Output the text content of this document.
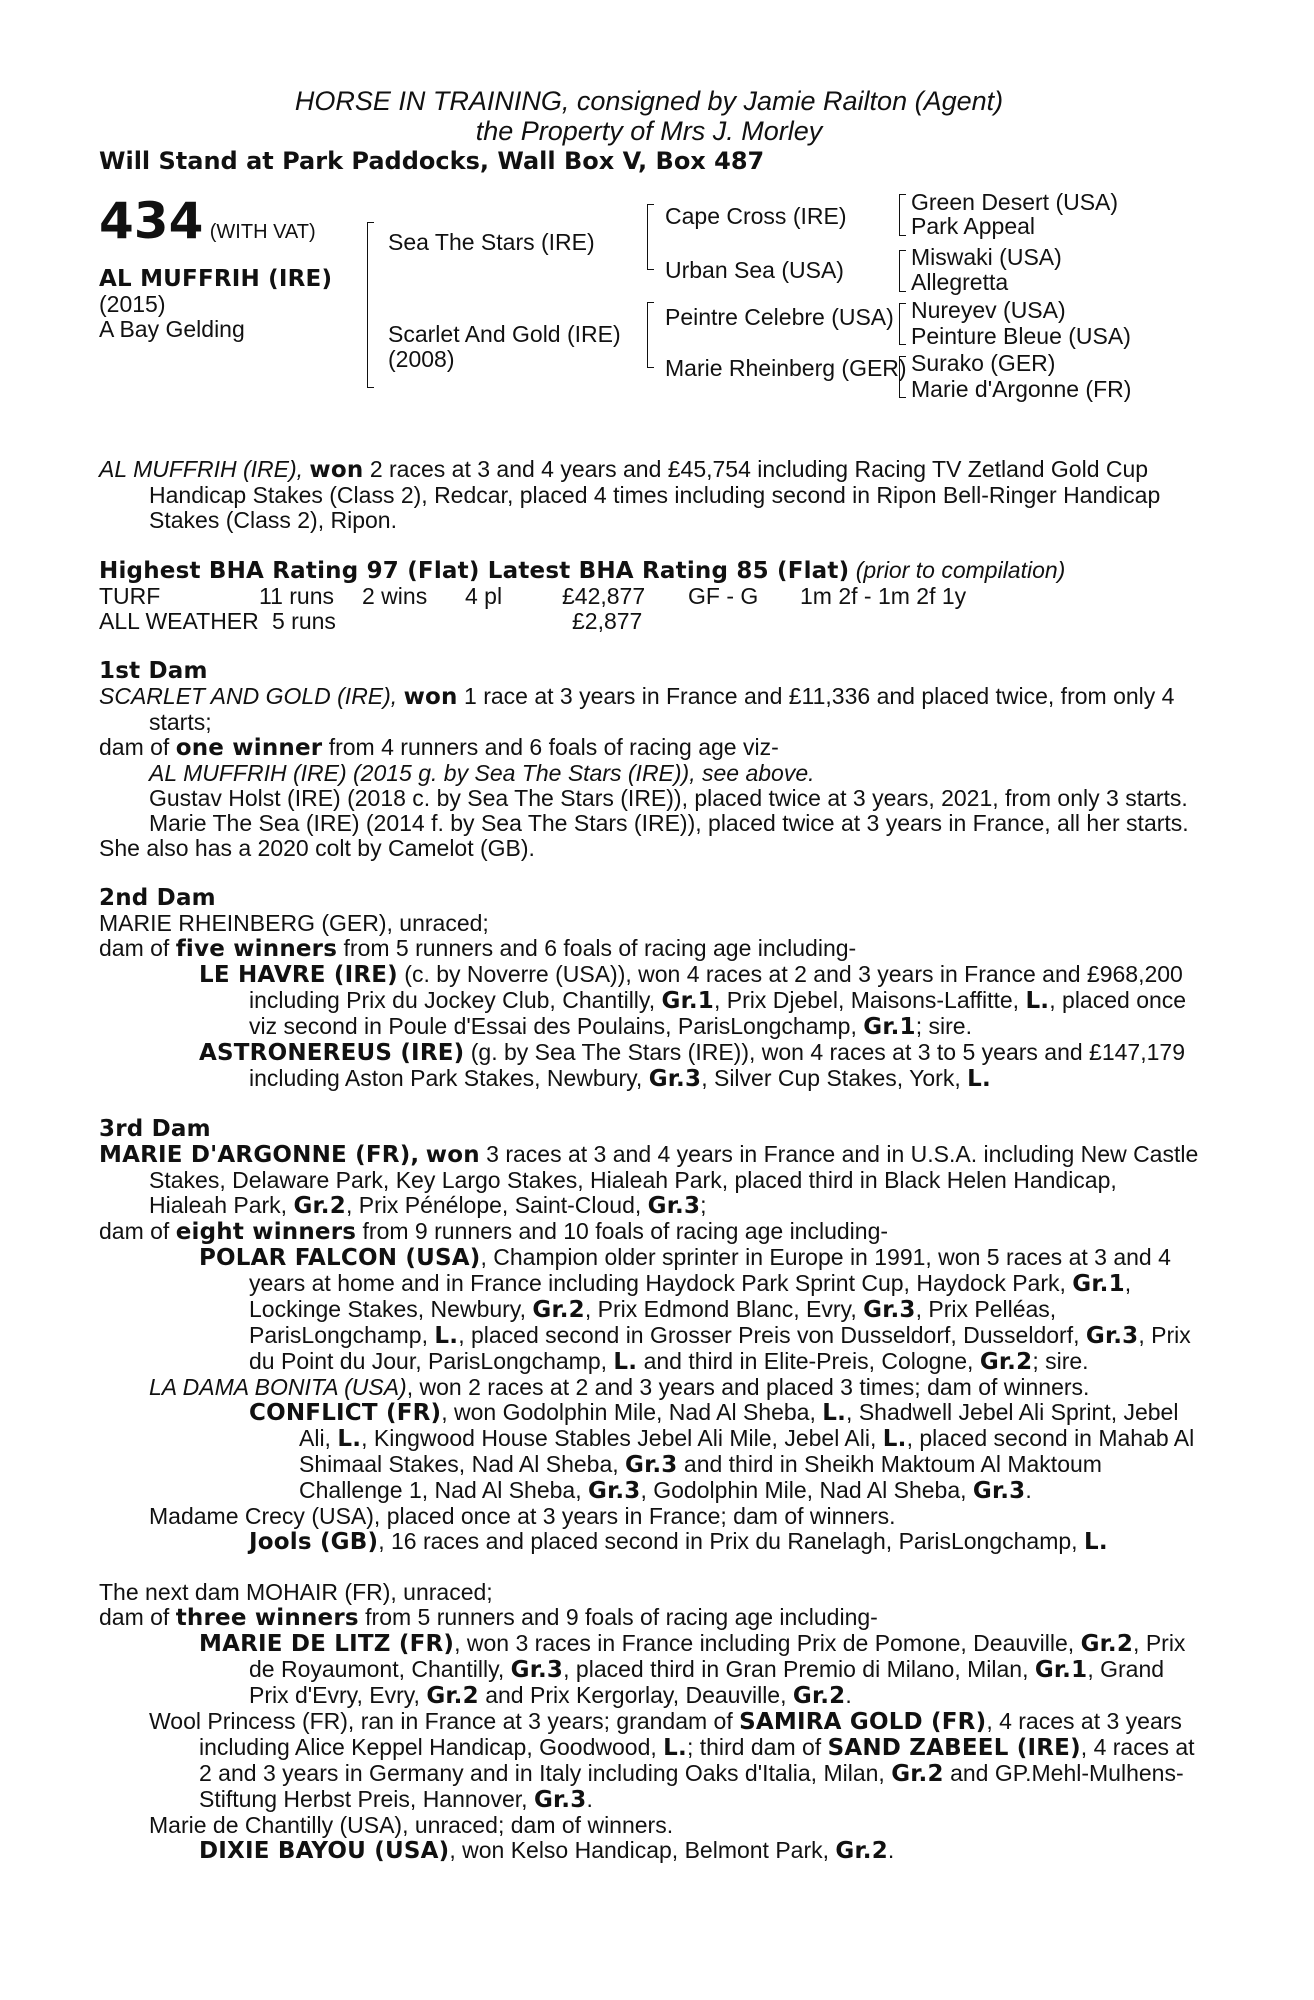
HORSE IN TRAINING, consigned by Jamie Railton (Agent)
the Property of Mrs J. Morley
Will Stand at Park Paddocks, Wall Box V, Box 487
434 (WITH VAT)
AL MUFFRIH (IRE)
(2015)
A Bay Gelding
Sea The Stars (IRE)
Scarlet And Gold (IRE)
(2008)
Cape Cross (IRE)
Urban Sea (USA)
Peintre Celebre (USA)
Marie Rheinberg (GER)
Green Desert (USA)
Park Appeal
Miswaki (USA)
Allegretta
Nureyev (USA)
Peinture Bleue (USA)
Surako (GER)
Marie d'Argonne (FR)

AL MUFFRIH (IRE), won 2 races at 3 and 4 years and £45,754 including Racing TV Zetland Gold Cup Handicap Stakes (Class 2), Redcar, placed 4 times including second in Ripon Bell-Ringer Handicap Stakes (Class 2), Ripon.

Highest BHA Rating 97 (Flat) Latest BHA Rating 85 (Flat) (prior to compilation)

TURF	11 runs	2 wins	4 pl	£42,877	GF - G	1m 2f - 1m 2f 1y
ALL WEATHER	5 runs			£2,877		

1st Dam

SCARLET AND GOLD (IRE), won 1 race at 3 years in France and £11,336 and placed twice, from only 4 starts;

dam of one winner from 4 runners and 6 foals of racing age viz-

AL MUFFRIH (IRE) (2015 g. by Sea The Stars (IRE)), see above.

Gustav Holst (IRE) (2018 c. by Sea The Stars (IRE)), placed twice at 3 years, 2021, from only 3 starts.

Marie The Sea (IRE) (2014 f. by Sea The Stars (IRE)), placed twice at 3 years in France, all her starts.

She also has a 2020 colt by Camelot (GB).

2nd Dam

MARIE RHEINBERG (GER), unraced;

dam of five winners from 5 runners and 6 foals of racing age including-

LE HAVRE (IRE) (c. by Noverre (USA)), won 4 races at 2 and 3 years in France and £968,200 including Prix du Jockey Club, Chantilly, Gr.1, Prix Djebel, Maisons-Laffitte, L., placed once viz second in Poule d'Essai des Poulains, ParisLongchamp, Gr.1; sire.

ASTRONEREUS (IRE) (g. by Sea The Stars (IRE)), won 4 races at 3 to 5 years and £147,179 including Aston Park Stakes, Newbury, Gr.3, Silver Cup Stakes, York, L.

3rd Dam

MARIE D'ARGONNE (FR), won 3 races at 3 and 4 years in France and in U.S.A. including New Castle Stakes, Delaware Park, Key Largo Stakes, Hialeah Park, placed third in Black Helen Handicap, Hialeah Park, Gr.2, Prix Pénélope, Saint-Cloud, Gr.3;

dam of eight winners from 9 runners and 10 foals of racing age including-

POLAR FALCON (USA), Champion older sprinter in Europe in 1991, won 5 races at 3 and 4 years at home and in France including Haydock Park Sprint Cup, Haydock Park, Gr.1, Lockinge Stakes, Newbury, Gr.2, Prix Edmond Blanc, Evry, Gr.3, Prix Pelléas, ParisLongchamp, L., placed second in Grosser Preis von Dusseldorf, Dusseldorf, Gr.3, Prix du Point du Jour, ParisLongchamp, L. and third in Elite-Preis, Cologne, Gr.2; sire.

LA DAMA BONITA (USA), won 2 races at 2 and 3 years and placed 3 times; dam of winners.

CONFLICT (FR), won Godolphin Mile, Nad Al Sheba, L., Shadwell Jebel Ali Sprint, Jebel Ali, L., Kingwood House Stables Jebel Ali Mile, Jebel Ali, L., placed second in Mahab Al Shimaal Stakes, Nad Al Sheba, Gr.3 and third in Sheikh Maktoum Al Maktoum Challenge 1, Nad Al Sheba, Gr.3, Godolphin Mile, Nad Al Sheba, Gr.3.

Madame Crecy (USA), placed once at 3 years in France; dam of winners.

Jools (GB), 16 races and placed second in Prix du Ranelagh, ParisLongchamp, L.

The next dam MOHAIR (FR), unraced;

dam of three winners from 5 runners and 9 foals of racing age including-

MARIE DE LITZ (FR), won 3 races in France including Prix de Pomone, Deauville, Gr.2, Prix de Royaumont, Chantilly, Gr.3, placed third in Gran Premio di Milano, Milan, Gr.1, Grand Prix d'Evry, Evry, Gr.2 and Prix Kergorlay, Deauville, Gr.2.

Wool Princess (FR), ran in France at 3 years; grandam of SAMIRA GOLD (FR), 4 races at 3 years including Alice Keppel Handicap, Goodwood, L.; third dam of SAND ZABEEL (IRE), 4 races at 2 and 3 years in Germany and in Italy including Oaks d'Italia, Milan, Gr.2 and GP.Mehl-Mulhens-Stiftung Herbst Preis, Hannover, Gr.3.

Marie de Chantilly (USA), unraced; dam of winners.

DIXIE BAYOU (USA), won Kelso Handicap, Belmont Park, Gr.2.
